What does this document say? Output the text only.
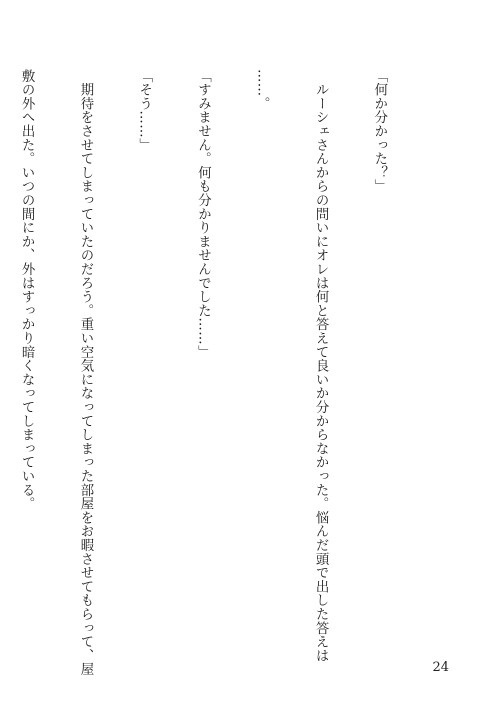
「何か分かった？」

　ルーシェさんからの問いにオレは何と答えて良いか分からなかった。悩んだ頭で出した答えは

……。

「すみません。何も分かりませんでした……」

「そう……」

　期待をさせてしまっていたのだろう。重い空気になってしまった部屋をお暇させてもらって、屋

敷の外へ出た。いつの間にか、外はすっかり暗くなってしまっている。

24
